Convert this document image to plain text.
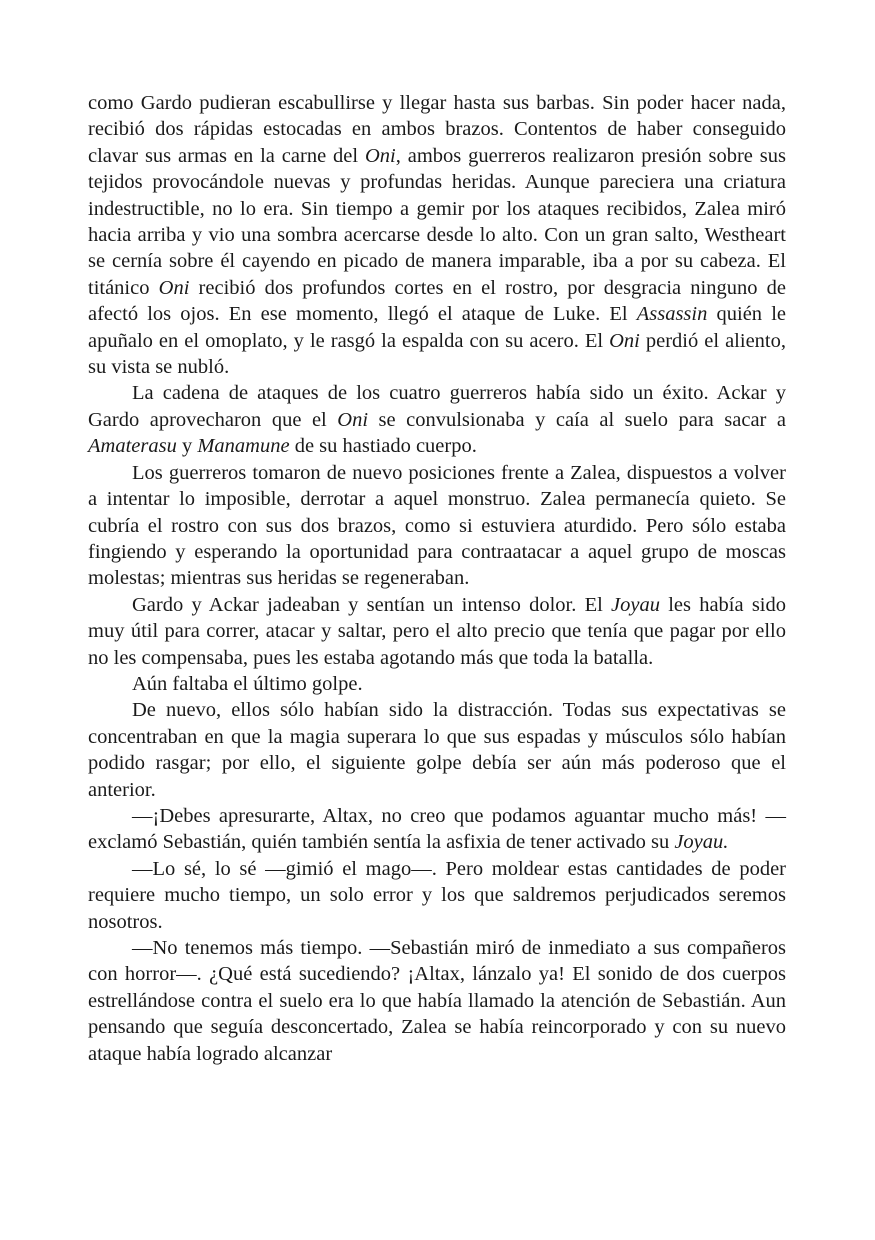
como Gardo pudieran escabullirse y llegar hasta sus barbas. Sin poder hacer nada, recibió dos rápidas estocadas en ambos brazos. Contentos de haber conseguido clavar sus armas en la carne del Oni, ambos guerreros realizaron presión sobre sus tejidos provocándole nuevas y profundas heridas. Aunque pareciera una criatura indestructible, no lo era. Sin tiempo a gemir por los ataques recibidos, Zalea miró hacia arriba y vio una sombra acercarse desde lo alto. Con un gran salto, Westheart se cernía sobre él cayendo en picado de manera imparable, iba a por su cabeza. El titánico Oni recibió dos profundos cortes en el rostro, por desgracia ninguno de afectó los ojos. En ese momento, llegó el ataque de Luke. El Assassin quién le apuñalo en el omoplato, y le rasgó la espalda con su acero. El Oni perdió el aliento, su vista se nubló.

La cadena de ataques de los cuatro guerreros había sido un éxito. Ackar y Gardo aprovecharon que el Oni se convulsionaba y caía al suelo para sacar a Amaterasu y Manamune de su hastiado cuerpo.

Los guerreros tomaron de nuevo posiciones frente a Zalea, dispuestos a volver a intentar lo imposible, derrotar a aquel monstruo. Zalea permanecía quieto. Se cubría el rostro con sus dos brazos, como si estuviera aturdido. Pero sólo estaba fingiendo y esperando la oportunidad para contraatacar a aquel grupo de moscas molestas; mientras sus heridas se regeneraban.

Gardo y Ackar jadeaban y sentían un intenso dolor. El Joyau les había sido muy útil para correr, atacar y saltar, pero el alto precio que tenía que pagar por ello no les compensaba, pues les estaba agotando más que toda la batalla.

Aún faltaba el último golpe.

De nuevo, ellos sólo habían sido la distracción. Todas sus expectativas se concentraban en que la magia superara lo que sus espadas y músculos sólo habían podido rasgar; por ello, el siguiente golpe debía ser aún más poderoso que el anterior.

—¡Debes apresurarte, Altax, no creo que podamos aguantar mucho más! —exclamó Sebastián, quién también sentía la asfixia de tener activado su Joyau.

—Lo sé, lo sé —gimió el mago—. Pero moldear estas cantidades de poder requiere mucho tiempo, un solo error y los que saldremos perjudicados seremos nosotros.

—No tenemos más tiempo. —Sebastián miró de inmediato a sus compañeros con horror—. ¿Qué está sucediendo? ¡Altax, lánzalo ya! El sonido de dos cuerpos estrellándose contra el suelo era lo que había llamado la atención de Sebastián. Aun pensando que seguía desconcertado, Zalea se había reincorporado y con su nuevo ataque había logrado alcanzar
